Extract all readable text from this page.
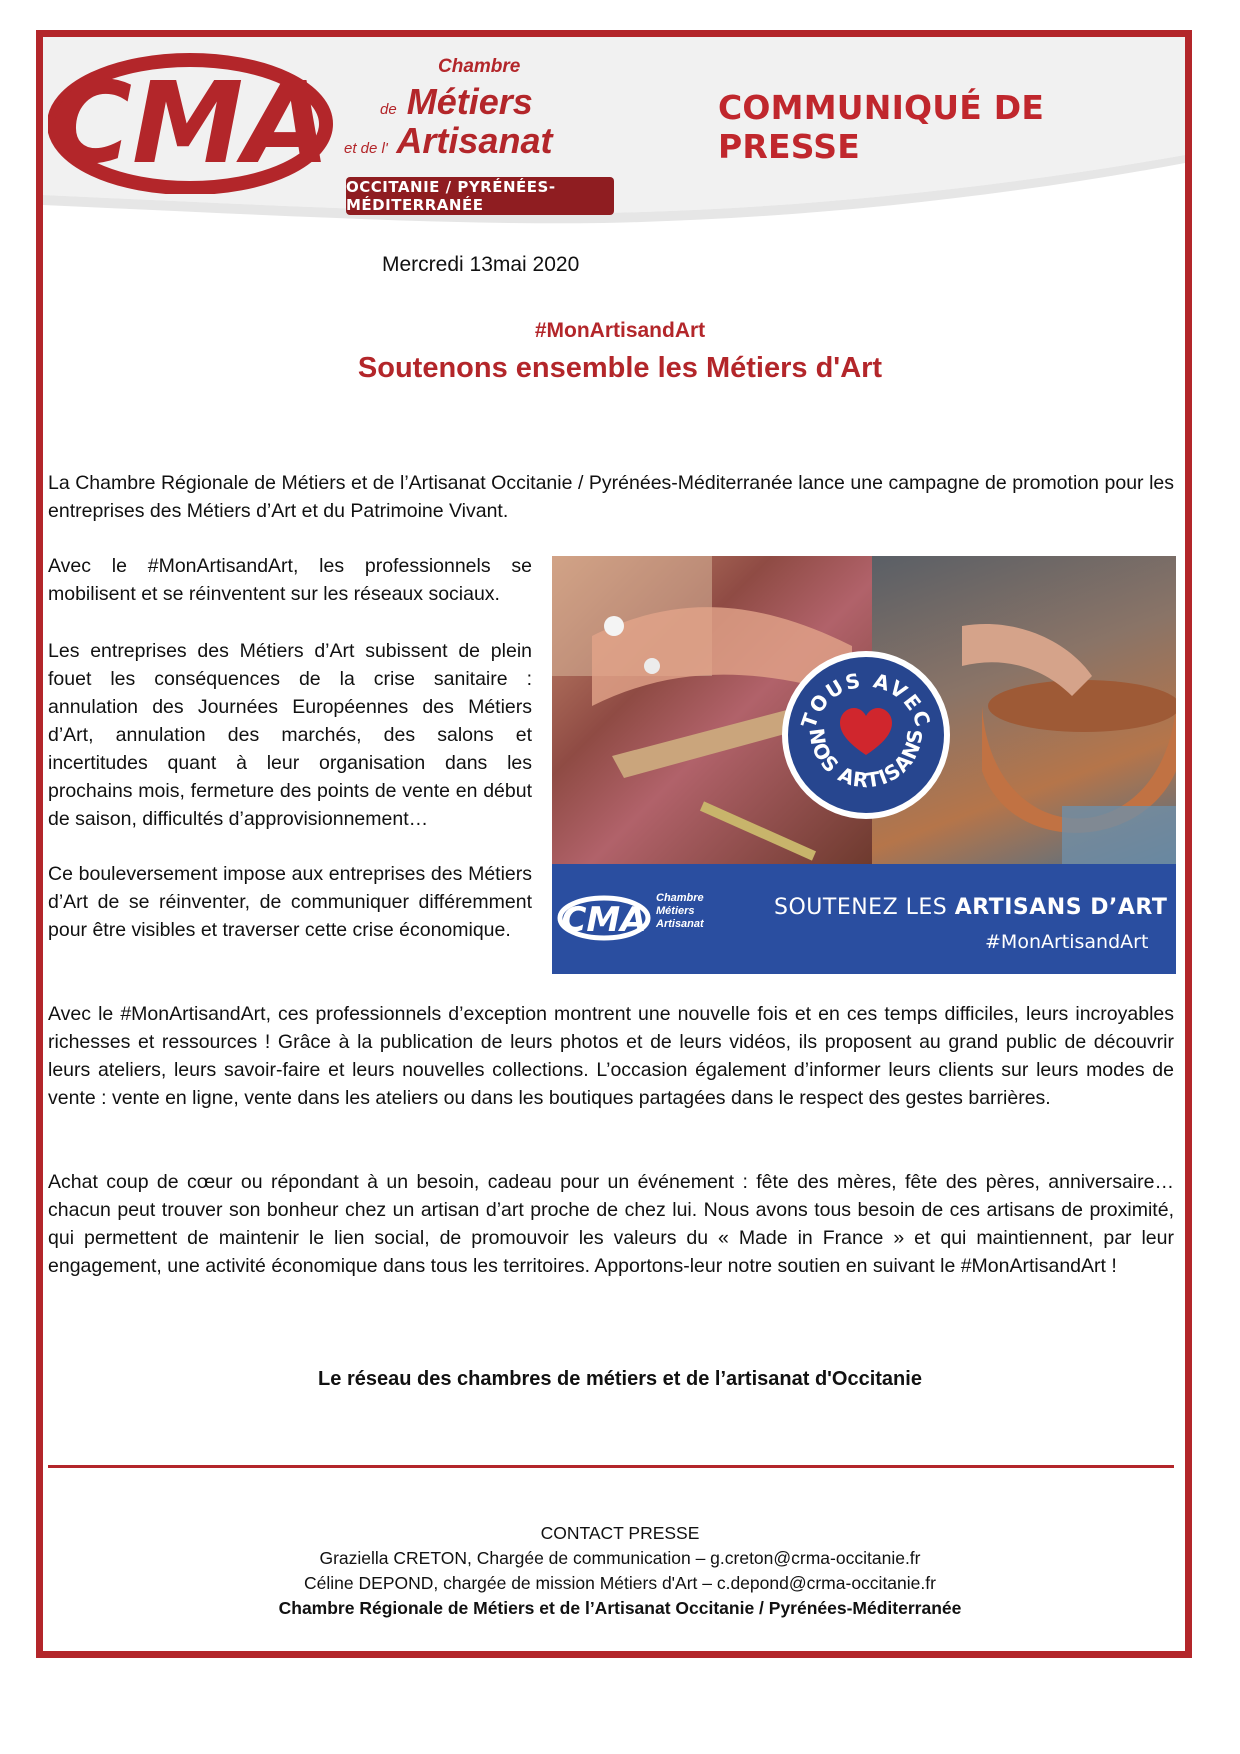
CMA	Chambre
de Métiers
et de l' Artisanat
OCCITANIE / PYRÉNÉES-MÉDITERRANÉE
COMMUNIQUÉ DE PRESSE
Mercredi 13mai 2020
#MonArtisandArt
Soutenons ensemble les Métiers d'Art
La Chambre Régionale de Métiers et de l’Artisanat Occitanie / Pyrénées-Méditerranée lance une campagne de promotion pour les entreprises des Métiers d’Art et du Patrimoine Vivant.
Avec le #MonArtisandArt, les professionnels se mobilisent et se réinventent sur les réseaux sociaux.
Les entreprises des Métiers d’Art subissent de plein fouet les conséquences de la crise sanitaire : annulation des Journées Européennes des Métiers d’Art, annulation des marchés, des salons et incertitudes quant à leur organisation dans les prochains mois, fermeture des points de vente en début de saison, difficultés d’approvisionnement…
Ce bouleversement impose aux entreprises des Métiers d’Art de se réinventer, de communiquer différemment pour être visibles et traverser cette crise économique.
TOUS AVEC
NOS ARTISANS
CMA
Chambre
Métiers
Artisanat
SOUTENEZ LES ARTISANS D’ART
#MonArtisandArt
Avec le #MonArtisandArt, ces professionnels d’exception montrent une nouvelle fois et en ces temps difficiles, leurs incroyables richesses et ressources ! Grâce à la publication de leurs photos et de leurs vidéos, ils proposent au grand public de découvrir leurs ateliers, leurs savoir-faire et leurs nouvelles collections. L’occasion également d’informer leurs clients sur leurs modes de vente : vente en ligne, vente dans les ateliers ou dans les boutiques partagées dans le respect des gestes barrières.
Achat coup de cœur ou répondant à un besoin, cadeau pour un événement : fête des mères, fête des pères, anniversaire… chacun peut trouver son bonheur chez un artisan d’art proche de chez lui. Nous avons tous besoin de ces artisans de proximité, qui permettent de maintenir le lien social, de promouvoir les valeurs du « Made in France » et qui maintiennent, par leur engagement, une activité économique dans tous les territoires. Apportons-leur notre soutien en suivant le #MonArtisandArt !
Le réseau des chambres de métiers et de l’artisanat d'Occitanie
CONTACT PRESSE
Graziella CRETON, Chargée de communication – g.creton@crma-occitanie.fr
Céline DEPOND, chargée de mission Métiers d'Art – c.depond@crma-occitanie.fr
Chambre Régionale de Métiers et de l’Artisanat Occitanie / Pyrénées-Méditerranée
